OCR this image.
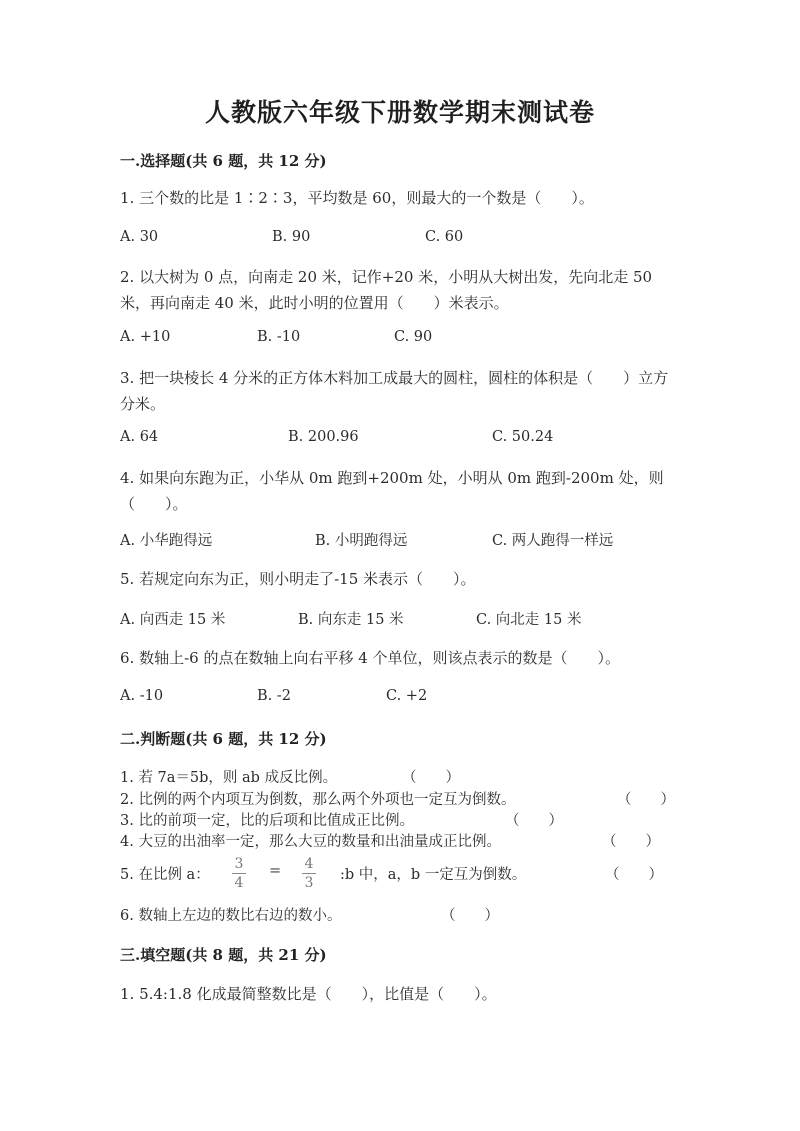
人教版六年级下册数学期末测试卷
一.选择题(共 6 题，共 12 分)
1. 三个数的比是 1∶2∶3，平均数是 60，则最大的一个数是（　　）。
A. 30	B. 90	C. 60
2. 以大树为 0 点，向南走 20 米，记作+20 米，小明从大树出发，先向北走 50 米，再向南走 40 米，此时小明的位置用（　　）米表示。
A. +10	B. -10	C. 90
3. 把一块棱长 4 分米的正方体木料加工成最大的圆柱，圆柱的体积是（　　）立方分米。
A. 64	B. 200.96	C. 50.24
4. 如果向东跑为正，小华从 0m 跑到+200m 处，小明从 0m 跑到-200m 处，则（　　）。
A. 小华跑得远	B. 小明跑得远	C. 两人跑得一样远
5. 若规定向东为正，则小明走了-15 米表示（　　）。
A. 向西走 15 米	B. 向东走 15 米	C. 向北走 15 米
6. 数轴上-6 的点在数轴上向右平移 4 个单位，则该点表示的数是（　　）。
A. -10	B. -2	C. +2
二.判断题(共 6 题，共 12 分)
1. 若 7a＝5b，则 ab 成反比例。	（　　）
2. 比例的两个内项互为倒数，那么两个外项也一定互为倒数。	（　　）
3. 比的前项一定，比的后项和比值成正比例。	（　　）
4. 大豆的出油率一定，那么大豆的数量和出油量成正比例。	（　　）
5. 在比例 a：
3
4
= 4
3 :b 中，a，b 一定互为倒数。	（　　）
6. 数轴上左边的数比右边的数小。	（　　）
三.填空题(共 8 题，共 21 分)
1. 5.4:1.8 化成最简整数比是（　　），比值是（　　）。
